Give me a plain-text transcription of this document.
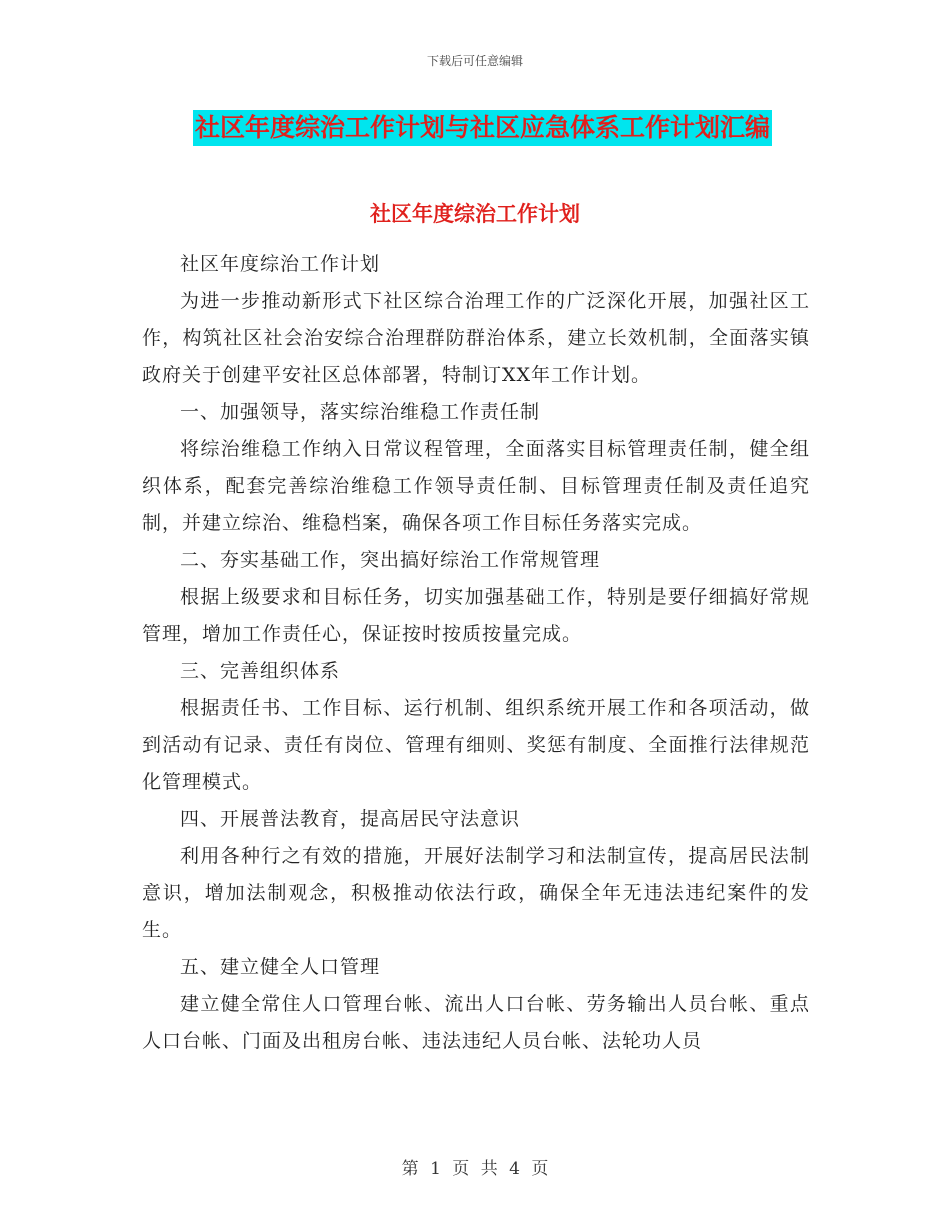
下载后可任意编辑
社区年度综治工作计划与社区应急体系工作计划汇编
社区年度综治工作计划

社区年度综治工作计划

为进一步推动新形式下社区综合治理工作的广泛深化开展，加强社区工作，构筑社区社会治安综合治理群防群治体系，建立长效机制，全面落实镇政府关于创建平安社区总体部署，特制订XX年工作计划。

一、加强领导，落实综治维稳工作责任制

将综治维稳工作纳入日常议程管理，全面落实目标管理责任制，健全组织体系，配套完善综治维稳工作领导责任制、目标管理责任制及责任追究制，并建立综治、维稳档案，确保各项工作目标任务落实完成。

二、夯实基础工作，突出搞好综治工作常规管理

根据上级要求和目标任务，切实加强基础工作，特别是要仔细搞好常规管理，增加工作责任心，保证按时按质按量完成。

三、完善组织体系

根据责任书、工作目标、运行机制、组织系统开展工作和各项活动，做到活动有记录、责任有岗位、管理有细则、奖惩有制度、全面推行法律规范化管理模式。

四、开展普法教育，提高居民守法意识

利用各种行之有效的措施，开展好法制学习和法制宣传，提高居民法制意识，增加法制观念，积极推动依法行政，确保全年无违法违纪案件的发生。

五、建立健全人口管理

建立健全常住人口管理台帐、流出人口台帐、劳务输出人员台帐、重点人口台帐、门面及出租房台帐、违法违纪人员台帐、法轮功人员

第 1 页 共 4 页
